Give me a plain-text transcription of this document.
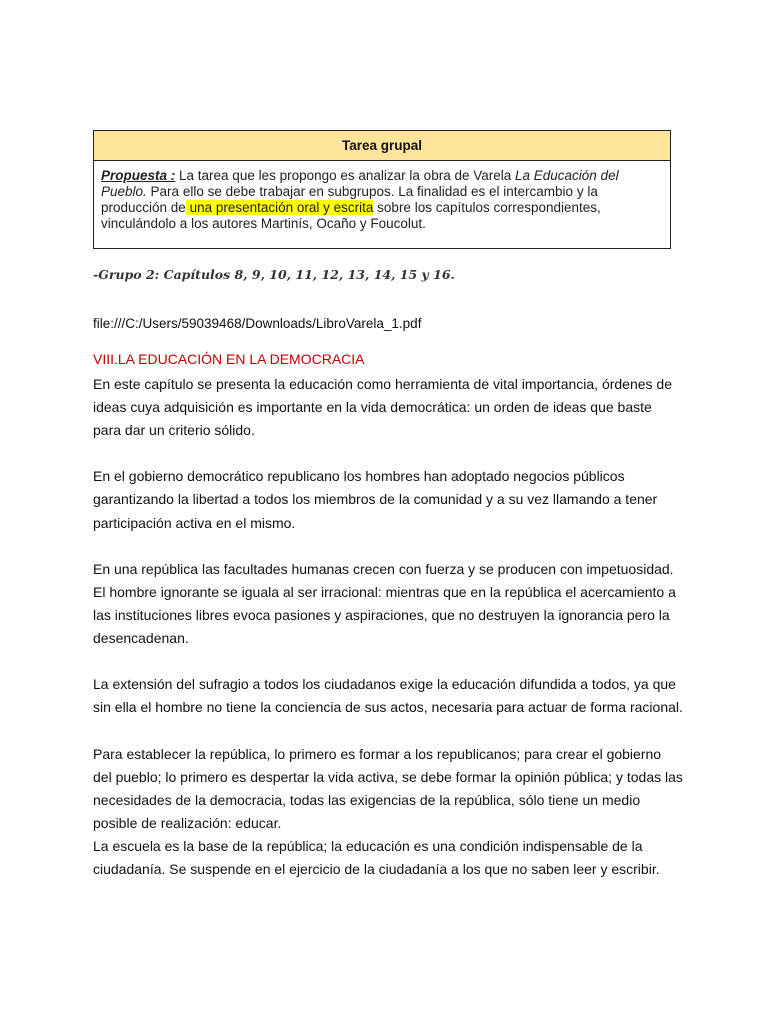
Tarea grupal
Propuesta : La tarea que les propongo es analizar la obra de Varela La Educación del Pueblo. Para ello se debe trabajar en subgrupos. La finalidad es el intercambio y la producción de una presentación oral y escrita sobre los capítulos correspondientes, vinculándolo a los autores Martinís, Ocaño y Foucolut.
-Grupo 2: Capítulos 8, 9, 10, 11, 12, 13, 14, 15 y 16.
file:///C:/Users/59039468/Downloads/LibroVarela_1.pdf
VIII.LA EDUCACIÓN EN LA DEMOCRACIA

En este capítulo se presenta la educación como herramienta de vital importancia, órdenes de ideas cuya adquisición es importante en la vida democrática: un orden de ideas que baste para dar un criterio sólido.

En el gobierno democrático republicano los hombres han adoptado negocios públicos garantizando la libertad a todos los miembros de la comunidad y a su vez llamando a tener participación activa en el mismo.

En una república las facultades humanas crecen con fuerza y se producen con impetuosidad.

El hombre ignorante se iguala al ser irracional: mientras que en la república el acercamiento a las instituciones libres evoca pasiones y aspiraciones, que no destruyen la ignorancia pero la desencadenan.

La extensión del sufragio a todos los ciudadanos exige la educación difundida a todos, ya que sin ella el hombre no tiene la conciencia de sus actos, necesaria para actuar de forma racional.

Para establecer la república, lo primero es formar a los republicanos; para crear el gobierno del pueblo; lo primero es despertar la vida activa, se debe formar la opinión pública; y todas las necesidades de la democracia, todas las exigencias de la república, sólo tiene un medio posible de realización: educar.

La escuela es la base de la república; la educación es una condición indispensable de la ciudadanía. Se suspende en el ejercicio de la ciudadanía a los que no saben leer y escribir.
